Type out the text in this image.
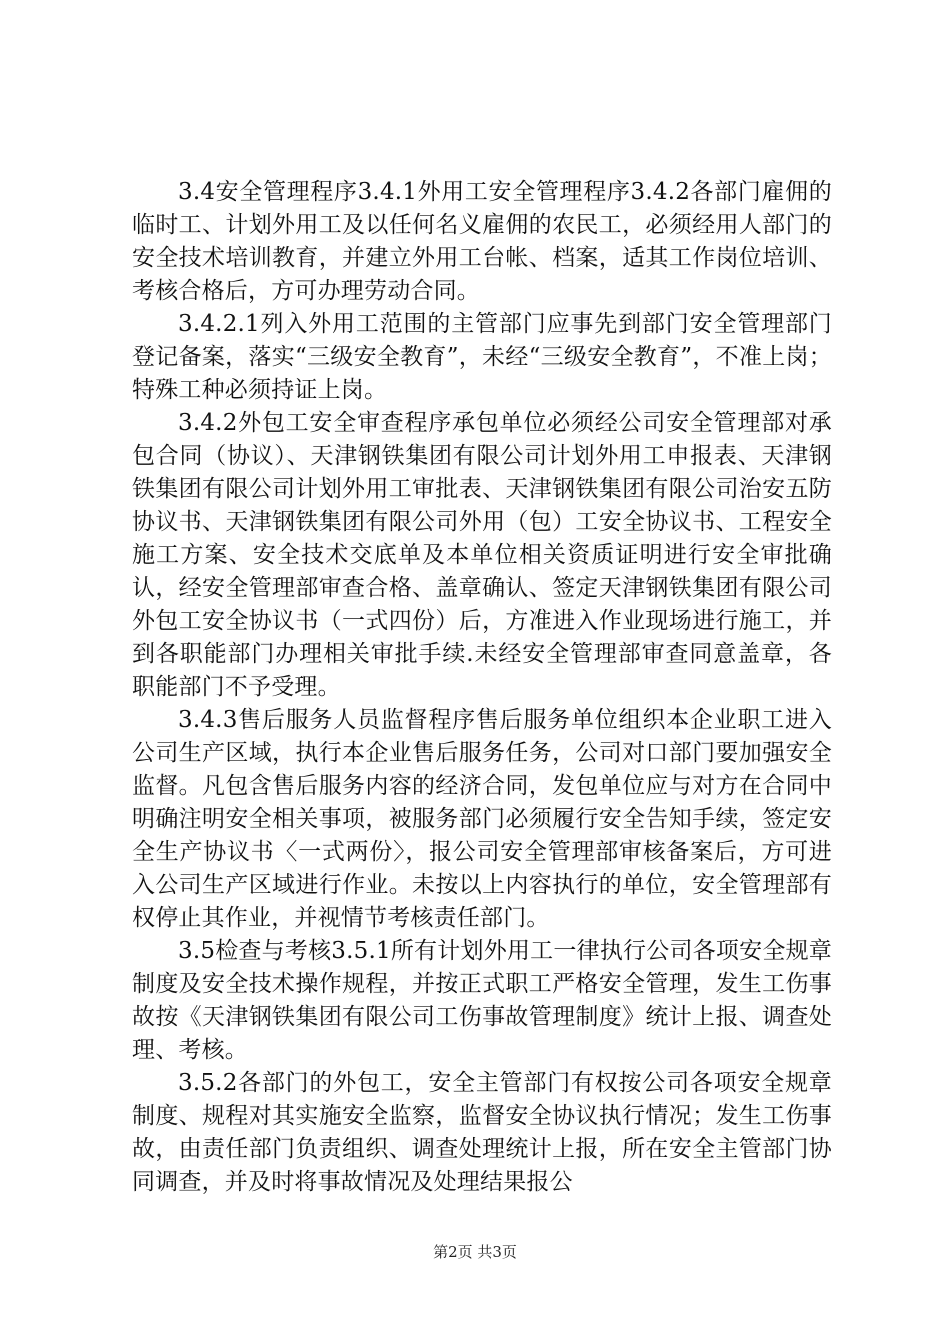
3.4安全管理程序3.4.1外用工安全管理程序3.4.2各部门雇佣的临时工、计划外用工及以任何名义雇佣的农民工，必须经用人部门的安全技术培训教育，并建立外用工台帐、档案，适其工作岗位培训、考核合格后，方可办理劳动合同。

3.4.2.1列入外用工范围的主管部门应事先到部门安全管理部门登记备案，落实“三级安全教育”，未经“三级安全教育”，不准上岗；特殊工种必须持证上岗。

3.4.2外包工安全审查程序承包单位必须经公司安全管理部对承包合同（协议）、天津钢铁集团有限公司计划外用工申报表、天津钢铁集团有限公司计划外用工审批表、天津钢铁集团有限公司治安五防协议书、天津钢铁集团有限公司外用（包）工安全协议书、工程安全施工方案、安全技术交底单及本单位相关资质证明进行安全审批确认，经安全管理部审查合格、盖章确认、签定天津钢铁集团有限公司外包工安全协议书（一式四份）后，方准进入作业现场进行施工，并到各职能部门办理相关审批手续.未经安全管理部审查同意盖章，各职能部门不予受理。

3.4.3售后服务人员监督程序售后服务单位组织本企业职工进入公司生产区域，执行本企业售后服务任务，公司对口部门要加强安全监督。凡包含售后服务内容的经济合同，发包单位应与对方在合同中明确注明安全相关事项，被服务部门必须履行安全告知手续，签定安全生产协议书〈一式两份〉，报公司安全管理部审核备案后，方可进入公司生产区域进行作业。未按以上内容执行的单位，安全管理部有权停止其作业，并视情节考核责任部门。

3.5检查与考核3.5.1所有计划外用工一律执行公司各项安全规章制度及安全技术操作规程，并按正式职工严格安全管理，发生工伤事故按《天津钢铁集团有限公司工伤事故管理制度》统计上报、调查处理、考核。

3.5.2各部门的外包工，安全主管部门有权按公司各项安全规章制度、规程对其实施安全监察，监督安全协议执行情况；发生工伤事故，由责任部门负责组织、调查处理统计上报，所在安全主管部门协同调查，并及时将事故情况及处理结果报公

第2页 共3页
